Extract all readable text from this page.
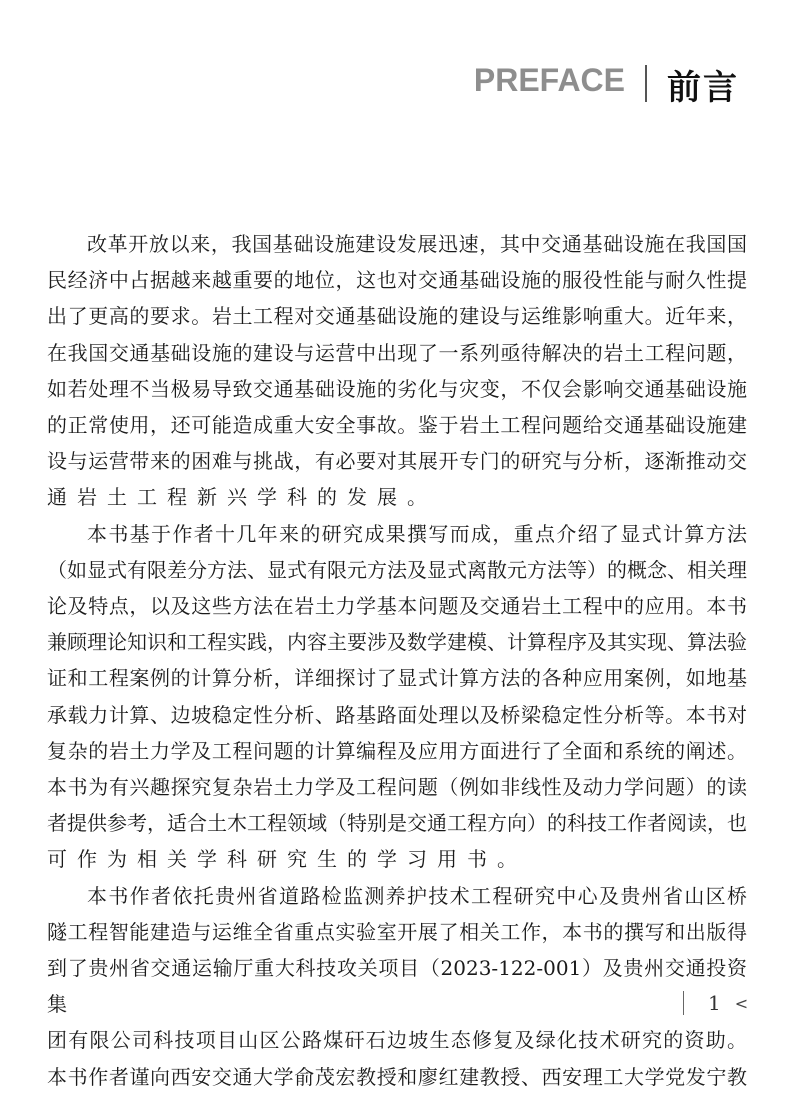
PREFACE 前言
改革开放以来，我国基础设施建设发展迅速，其中交通基础设施在我国国
民经济中占据越来越重要的地位，这也对交通基础设施的服役性能与耐久性提
出了更高的要求。岩土工程对交通基础设施的建设与运维影响重大。近年来，
在我国交通基础设施的建设与运营中出现了一系列亟待解决的岩土工程问题，
如若处理不当极易导致交通基础设施的劣化与灾变，不仅会影响交通基础设施
的正常使用，还可能造成重大安全事故。鉴于岩土工程问题给交通基础设施建
设与运营带来的困难与挑战，有必要对其展开专门的研究与分析，逐渐推动交
通岩土工程新兴学科的发展。
本书基于作者十几年来的研究成果撰写而成，重点介绍了显式计算方法
（如显式有限差分方法、显式有限元方法及显式离散元方法等）的概念、相关理
论及特点，以及这些方法在岩土力学基本问题及交通岩土工程中的应用。本书
兼顾理论知识和工程实践，内容主要涉及数学建模、计算程序及其实现、算法验
证和工程案例的计算分析，详细探讨了显式计算方法的各种应用案例，如地基
承载力计算、边坡稳定性分析、路基路面处理以及桥梁稳定性分析等。本书对
复杂的岩土力学及工程问题的计算编程及应用方面进行了全面和系统的阐述。
本书为有兴趣探究复杂岩土力学及工程问题（例如非线性及动力学问题）的读
者提供参考，适合土木工程领域（特别是交通工程方向）的科技工作者阅读，也
可作为相关学科研究生的学习用书。
本书作者依托贵州省道路检监测养护技术工程研究中心及贵州省山区桥
隧工程智能建造与运维全省重点实验室开展了相关工作，本书的撰写和出版得
到了贵州省交通运输厅重大科技攻关项目（2023-122-001）及贵州交通投资集
团有限公司科技项目山区公路煤矸石边坡生态修复及绿化技术研究的资助。
本书作者谨向西安交通大学俞茂宏教授和廖红建教授、西安理工大学党发宁教
1 <
